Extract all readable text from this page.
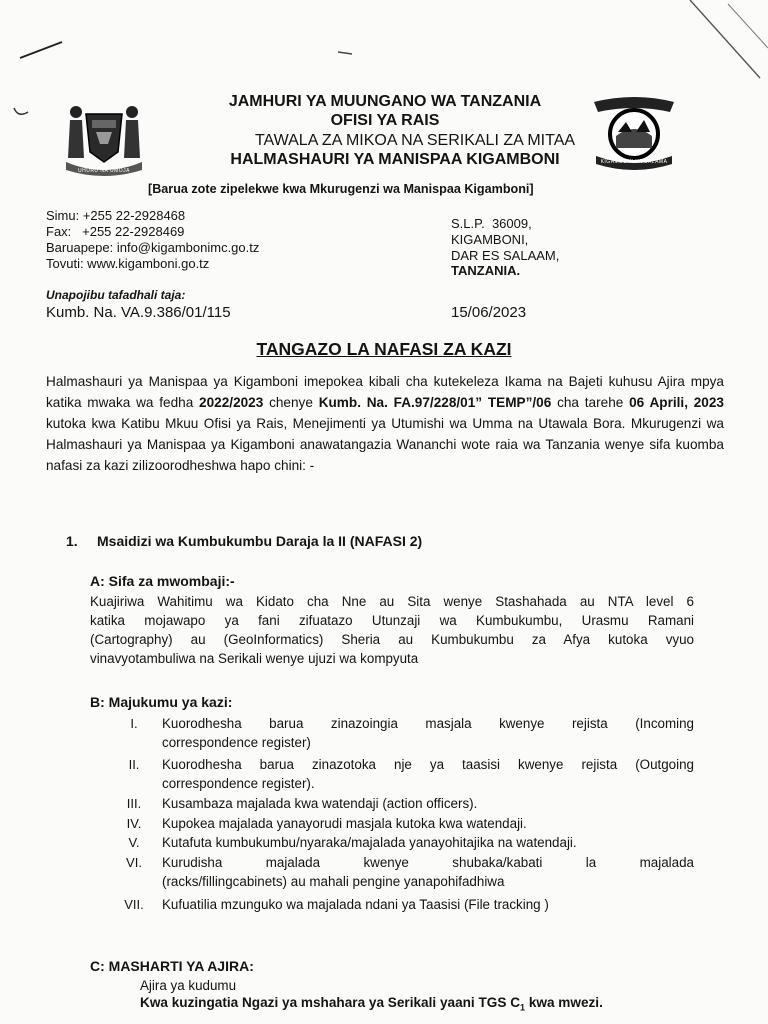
UHURU NA UMOJA
KIGAMBONI YA SALAMA
JAMHURI YA MUUNGANO WA TANZANIA
OFISI YA RAIS
TAWALA ZA MIKOA NA SERIKALI ZA MITAA
HALMASHAURI YA MANISPAA KIGAMBONI
[Barua zote zipelekwe kwa Mkurugenzi wa Manispaa Kigamboni]
Simu: +255 22-2928468
Fax:   +255 22-2928469
Baruapepe: info@kigambonimc.go.tz
Tovuti: www.kigamboni.go.tz
S.L.P.  36009,
KIGAMBONI,
DAR ES SALAAM,
TANZANIA.
Unapojibu tafadhali taja:
Kumb. Na. VA.9.386/01/115	15/06/2023
TANGAZO LA NAFASI ZA KAZI
Halmashauri ya Manispaa ya Kigamboni imepokea kibali cha kutekeleza Ikama na Bajeti kuhusu Ajira mpya katika mwaka wa fedha 2022/2023 chenye Kumb. Na. FA.97/228/01” TEMP”/06 cha tarehe 06 Aprili, 2023 kutoka kwa Katibu Mkuu Ofisi ya Rais, Menejimenti ya Utumishi wa Umma na Utawala Bora. Mkurugenzi wa Halmashauri ya Manispaa ya Kigamboni anawatangazia Wananchi wote raia wa Tanzania wenye sifa kuomba nafasi za kazi zilizoorodheshwa hapo chini: -
1. Msaidizi wa Kumbukumbu Daraja la II (NAFASI 2)
A: Sifa za mwombaji:-
Kuajiriwa Wahitimu wa Kidato cha Nne au Sita wenye Stashahada au NTA level 6
katika mojawapo ya fani zifuatazo Utunzaji wa Kumbukumbu, Urasmu Ramani
(Cartography) au (GeoInformatics) Sheria au Kumbukumbu za Afya kutoka vyuo
vinavyotambuliwa na Serikali wenye ujuzi wa kompyuta
B: Majukumu ya kazi:
I.	Kuorodhesha barua zinazoingia masjala kwenye rejista (Incoming
correspondence register)
II.	Kuorodhesha barua zinazotoka nje ya taasisi kwenye rejista (Outgoing
correspondence register).
III.	Kusambaza majalada kwa watendaji (action officers).
IV.	Kupokea majalada yanayorudi masjala kutoka kwa watendaji.
V.	Kutafuta kumbukumbu/nyaraka/majalada yanayohitajika na watendaji.
VI.	Kurudisha majalada kwenye shubaka/kabati la majalada
(racks/fillingcabinets) au mahali pengine yanapohifadhiwa
VII.	Kufuatilia mzunguko wa majalada ndani ya Taasisi (File tracking )
C: MASHARTI YA AJIRA:
Ajira ya kudumu
Kwa kuzingatia Ngazi ya mshahara ya Serikali yaani TGS $C_1$ kwa mwezi.
